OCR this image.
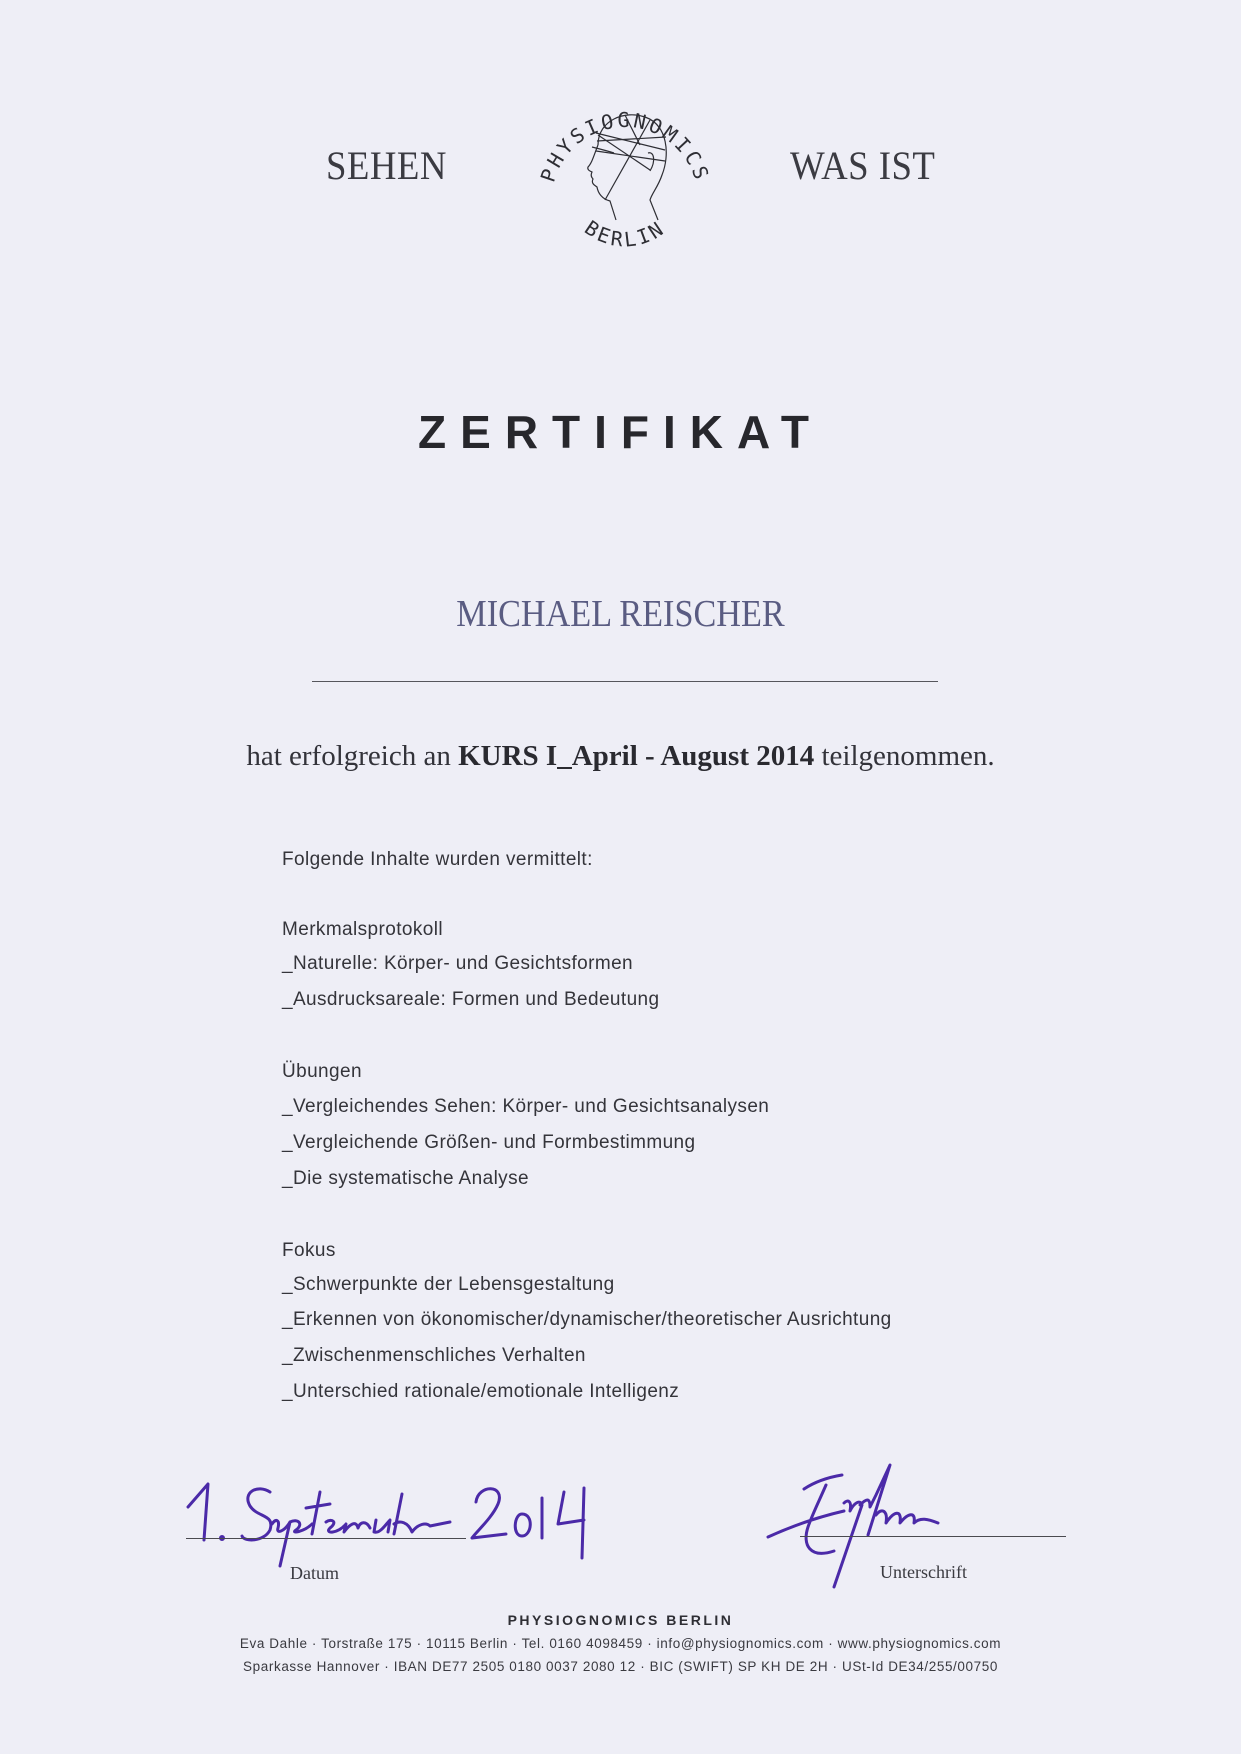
SEHEN	PHYSIOGNOMICS
BERLIN
WAS IST
ZERTIFIKAT
MICHAEL REISCHER
hat erfolgreich an KURS I_April - August 2014 teilgenommen.
Folgende Inhalte wurden vermittelt:
Merkmalsprotokoll
_Naturelle: Körper- und Gesichtsformen
_Ausdrucksareale: Formen und Bedeutung
Übungen
_Vergleichendes Sehen: Körper- und Gesichtsanalysen
_Vergleichende Größen- und Formbestimmung
_Die systematische Analyse
Fokus
_Schwerpunkte der Lebensgestaltung
_Erkennen von ökonomischer/dynamischer/theoretischer Ausrichtung
_Zwischenmenschliches Verhalten
_Unterschied rationale/emotionale Intelligenz
Datum	Unterschrift
PHYSIOGNOMICS BERLIN
Eva Dahle · Torstraße 175 · 10115 Berlin · Tel. 0160 4098459 · info@physiognomics.com · www.physiognomics.com
Sparkasse Hannover · IBAN DE77 2505 0180 0037 2080 12 · BIC (SWIFT) SP KH DE 2H · USt-Id DE34/255/00750
